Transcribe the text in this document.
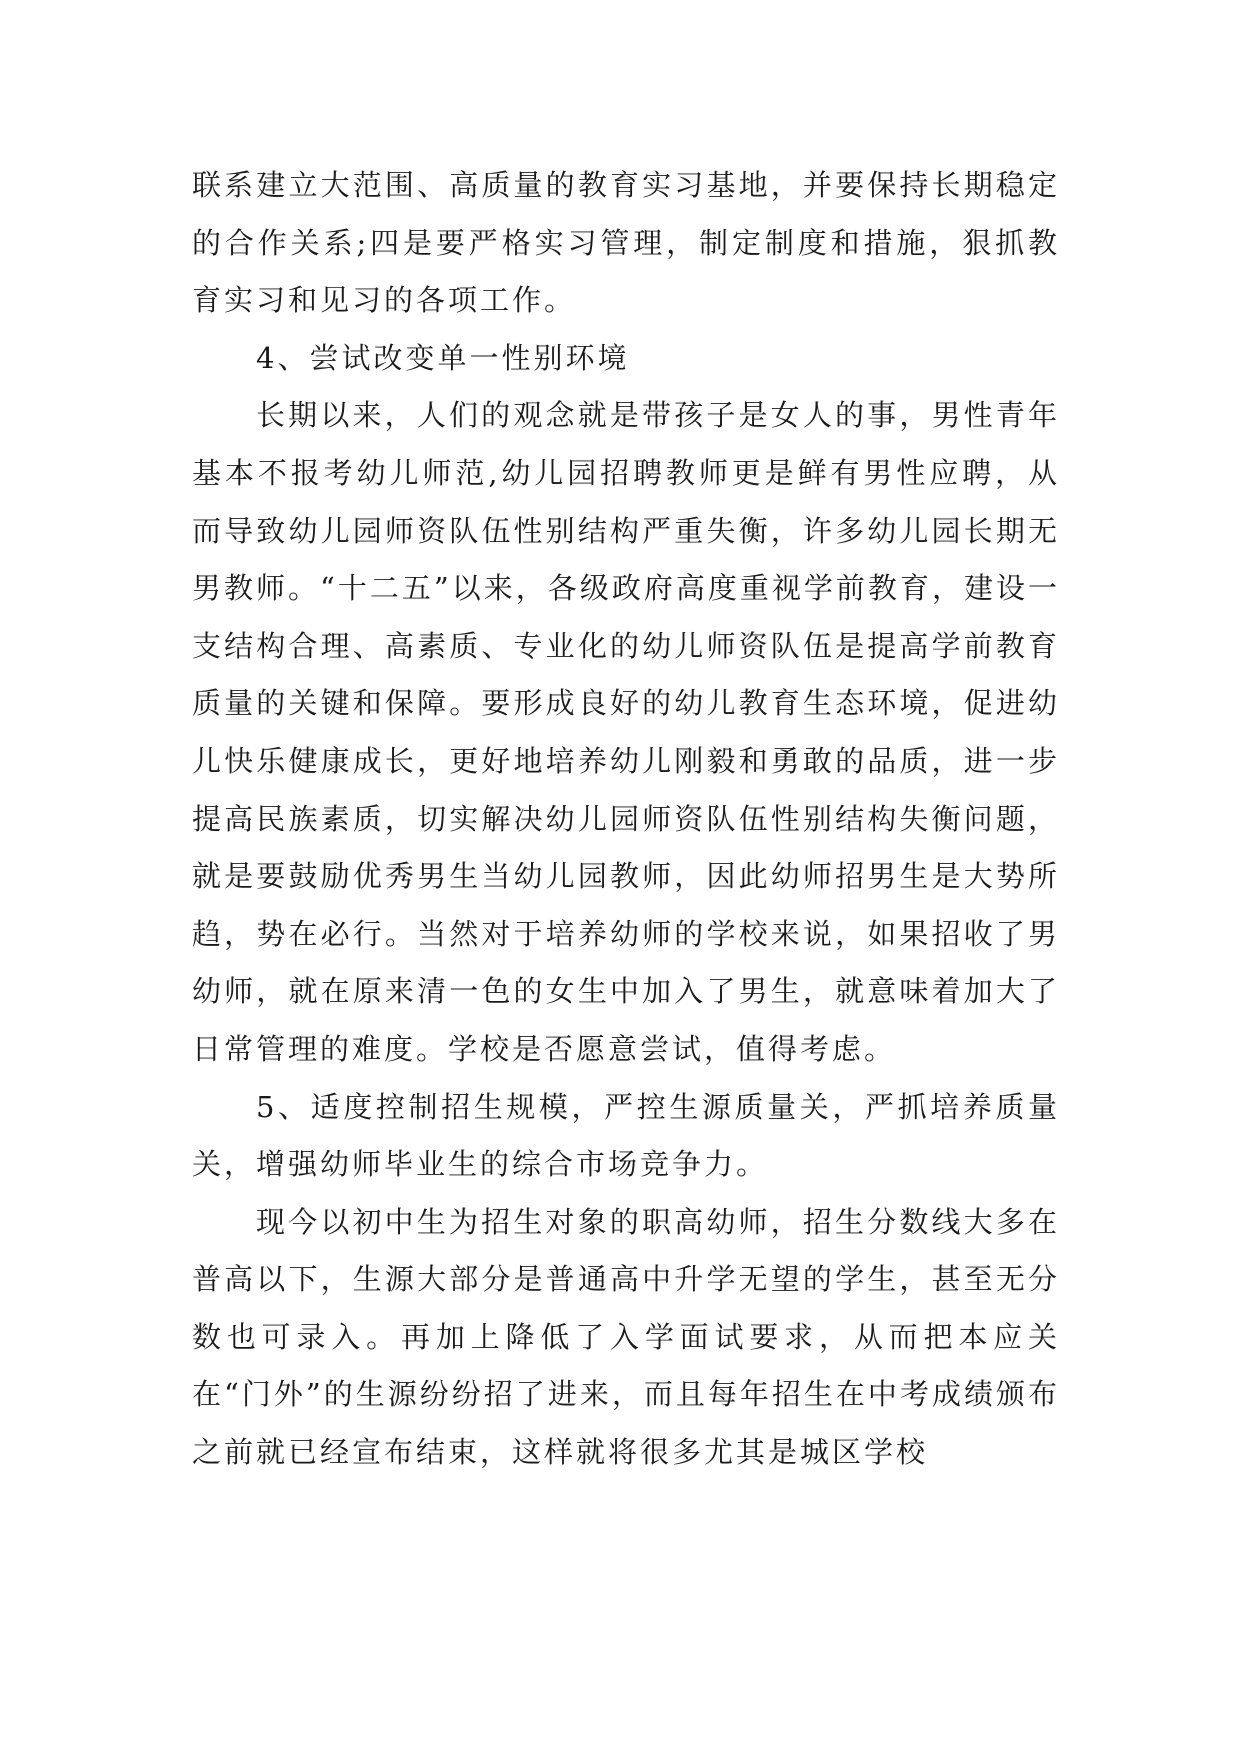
联系建立大范围、高质量的教育实习基地，并要保持长期稳定的合作关系;四是要严格实习管理，制定制度和措施，狠抓教育实习和见习的各项工作。

4、尝试改变单一性别环境

长期以来，人们的观念就是带孩子是女人的事，男性青年基本不报考幼儿师范,幼儿园招聘教师更是鲜有男性应聘，从而导致幼儿园师资队伍性别结构严重失衡，许多幼儿园长期无男教师。“十二五”以来，各级政府高度重视学前教育，建设一支结构合理、高素质、专业化的幼儿师资队伍是提高学前教育质量的关键和保障。要形成良好的幼儿教育生态环境，促进幼儿快乐健康成长，更好地培养幼儿刚毅和勇敢的品质，进一步提高民族素质，切实解决幼儿园师资队伍性别结构失衡问题，就是要鼓励优秀男生当幼儿园教师，因此幼师招男生是大势所趋，势在必行。当然对于培养幼师的学校来说，如果招收了男幼师，就在原来清一色的女生中加入了男生，就意味着加大了日常管理的难度。学校是否愿意尝试，值得考虑。

5、适度控制招生规模，严控生源质量关，严抓培养质量关，增强幼师毕业生的综合市场竞争力。

现今以初中生为招生对象的职高幼师，招生分数线大多在普高以下，生源大部分是普通高中升学无望的学生，甚至无分数也可录入。再加上降低了入学面试要求，从而把本应关在“门外”的生源纷纷招了进来，而且每年招生在中考成绩颁布之前就已经宣布结束，这样就将很多尤其是城区学校
